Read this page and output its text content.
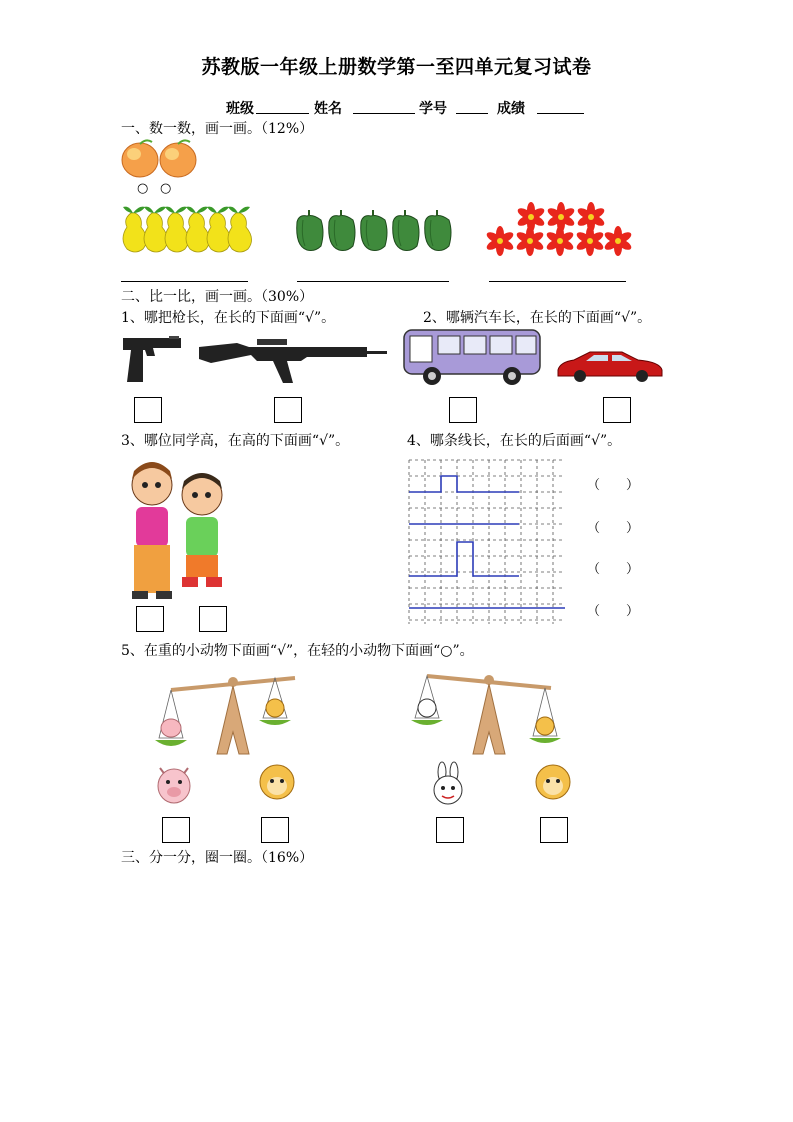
苏教版一年级上册数学第一至四单元复习试卷
班级	姓名	学号	成绩
一、数一数，画一画。（12%）
○ ○
二、比一比，画一画。（30%）
1、哪把枪长，在长的下面画“√”。	2、哪辆汽车长，在长的下面画“√”。
3、哪位同学高，在高的下面画“√”。	4、哪条线长，在长的后面画“√”。
（　　）
（　　）
（　　）
（　　）
5、在重的小动物下面画“√”，在轻的小动物下面画“○”。
三、分一分，圈一圈。（16%）
